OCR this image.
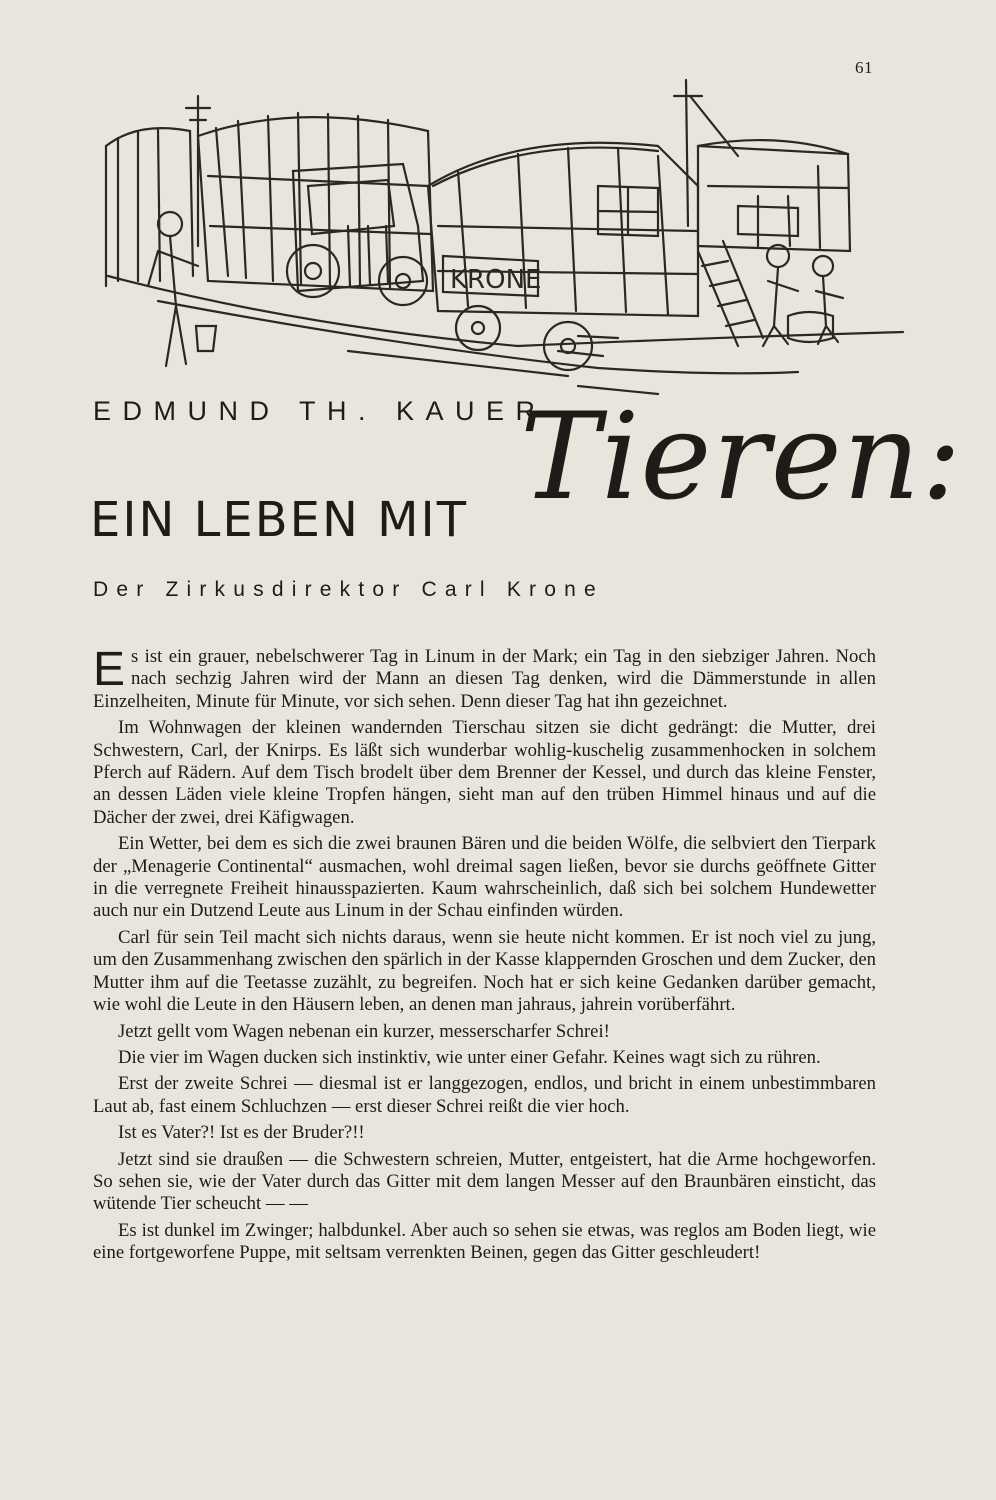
61
KRONE
EDMUND TH. KAUER
EIN LEBEN MIT Tieren:
Der Zirkusdirektor Carl Krone

Es ist ein grauer, nebelschwerer Tag in Linum in der Mark; ein Tag in den siebziger Jahren. Noch nach sechzig Jahren wird der Mann an diesen Tag denken, wird die Dämmerstunde in allen Einzelheiten, Minute für Minute, vor sich sehen. Denn dieser Tag hat ihn gezeichnet.

Im Wohnwagen der kleinen wandernden Tierschau sitzen sie dicht gedrängt: die Mutter, drei Schwestern, Carl, der Knirps. Es läßt sich wunderbar wohlig-kuschelig zusammenhocken in solchem Pferch auf Rädern. Auf dem Tisch brodelt über dem Brenner der Kessel, und durch das kleine Fenster, an dessen Läden viele kleine Tropfen hängen, sieht man auf den trüben Himmel hinaus und auf die Dächer der zwei, drei Käfigwagen.

Ein Wetter, bei dem es sich die zwei braunen Bären und die beiden Wölfe, die selbviert den Tierpark der „Menagerie Continental“ ausmachen, wohl dreimal sagen ließen, bevor sie durchs geöffnete Gitter in die verregnete Freiheit hinausspazierten. Kaum wahrscheinlich, daß sich bei solchem Hundewetter auch nur ein Dutzend Leute aus Linum in der Schau einfinden würden.

Carl für sein Teil macht sich nichts daraus, wenn sie heute nicht kommen. Er ist noch viel zu jung, um den Zusammenhang zwischen den spärlich in der Kasse klappernden Groschen und dem Zucker, den Mutter ihm auf die Teetasse zuzählt, zu begreifen. Noch hat er sich keine Gedanken darüber gemacht, wie wohl die Leute in den Häusern leben, an denen man jahraus, jahrein vorüberfährt.

Jetzt gellt vom Wagen nebenan ein kurzer, messerscharfer Schrei!

Die vier im Wagen ducken sich instinktiv, wie unter einer Gefahr. Keines wagt sich zu rühren.

Erst der zweite Schrei — diesmal ist er langgezogen, endlos, und bricht in einem unbestimmbaren Laut ab, fast einem Schluchzen — erst dieser Schrei reißt die vier hoch.

Ist es Vater?! Ist es der Bruder?!!

Jetzt sind sie draußen — die Schwestern schreien, Mutter, entgeistert, hat die Arme hochgeworfen. So sehen sie, wie der Vater durch das Gitter mit dem langen Messer auf den Braunbären einsticht, das wütende Tier scheucht — —

Es ist dunkel im Zwinger; halbdunkel. Aber auch so sehen sie etwas, was reglos am Boden liegt, wie eine fortgeworfene Puppe, mit seltsam verrenkten Beinen, gegen das Gitter geschleudert!
